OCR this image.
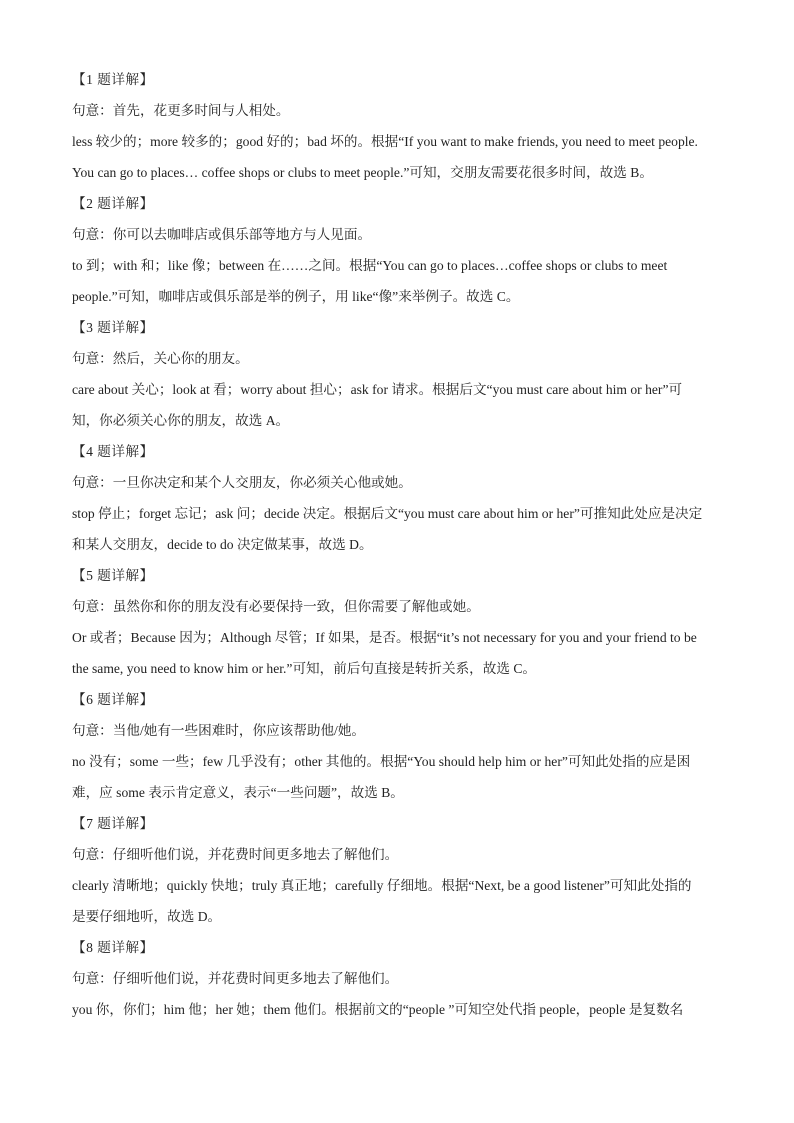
【1 题详解】
句意：首先，花更多时间与人相处。
less 较少的；more 较多的；good 好的；bad 坏的。根据“If you want to make friends, you need to meet people.
You can go to places… coffee shops or clubs to meet people.”可知，交朋友需要花很多时间，故选 B。
【2 题详解】
句意：你可以去咖啡店或俱乐部等地方与人见面。
to 到；with 和；like 像；between 在……之间。根据“You can go to places…coffee shops or clubs to meet
people.”可知，咖啡店或俱乐部是举的例子，用 like“像”来举例子。故选 C。
【3 题详解】
句意：然后，关心你的朋友。
care about 关心；look at 看；worry about 担心；ask for 请求。根据后文“you must care about him or her”可
知，你必须关心你的朋友，故选 A。
【4 题详解】
句意：一旦你决定和某个人交朋友，你必须关心他或她。
stop 停止；forget 忘记；ask 问；decide 决定。根据后文“you must care about him or her”可推知此处应是决定
和某人交朋友，decide to do 决定做某事，故选 D。
【5 题详解】
句意：虽然你和你的朋友没有必要保持一致，但你需要了解他或她。
Or 或者；Because 因为；Although 尽管；If 如果，是否。根据“it’s not necessary for you and your friend to be
the same, you need to know him or her.”可知，前后句直接是转折关系，故选 C。
【6 题详解】
句意：当他/她有一些困难时，你应该帮助他/她。
no 没有；some 一些；few 几乎没有；other 其他的。根据“You should help him or her”可知此处指的应是困
难，应 some 表示肯定意义，表示“一些问题”，故选 B。
【7 题详解】
句意：仔细听他们说，并花费时间更多地去了解他们。
clearly 清晰地；quickly 快地；truly 真正地；carefully 仔细地。根据“Next, be a good listener”可知此处指的
是要仔细地听，故选 D。
【8 题详解】
句意：仔细听他们说，并花费时间更多地去了解他们。
you 你，你们；him 他；her 她；them 他们。根据前文的“people ”可知空处代指 people，people 是复数名
